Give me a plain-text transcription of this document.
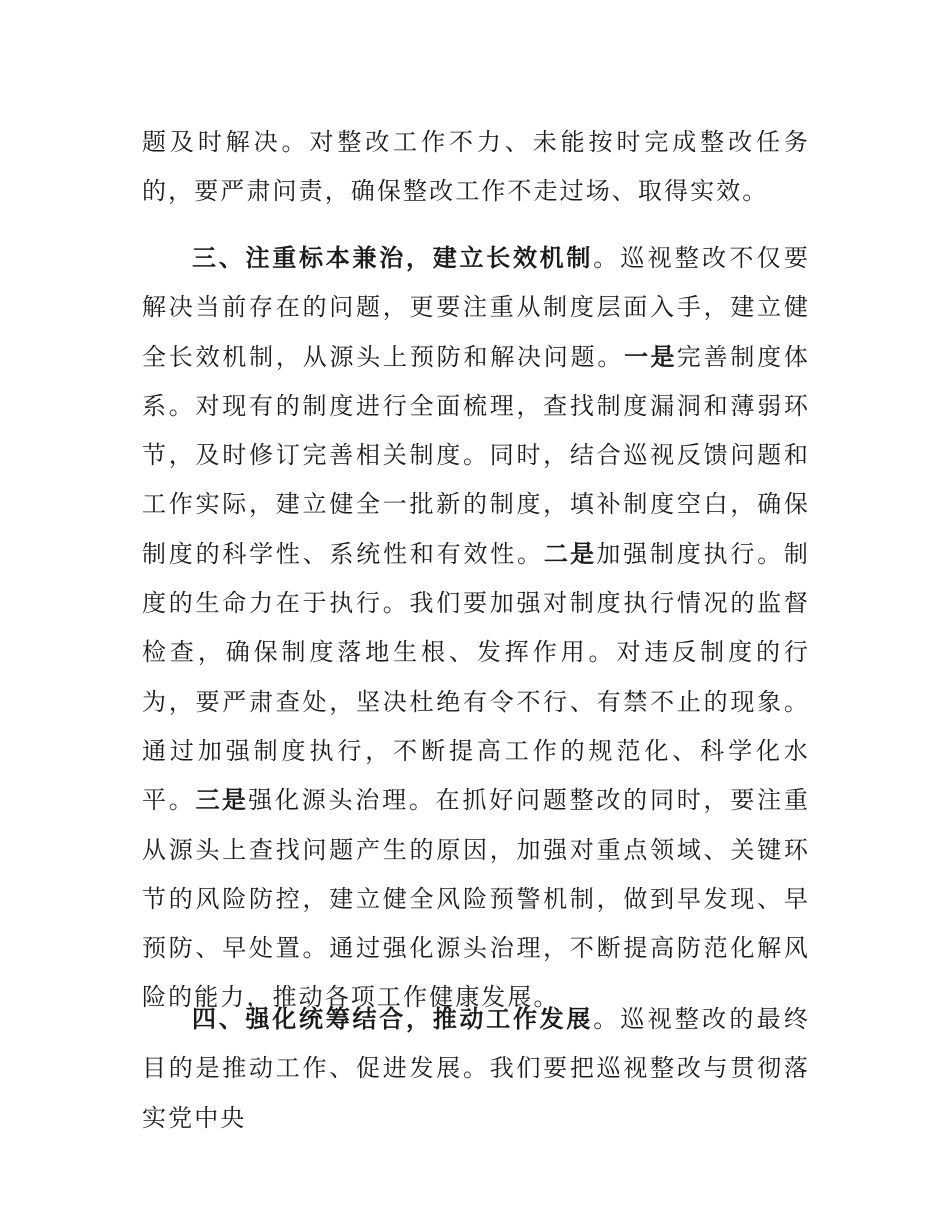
题及时解决。对整改工作不力、未能按时完成整改任务的，要严肃问责，确保整改工作不走过场、取得实效。

三、注重标本兼治，建立长效机制。巡视整改不仅要解决当前存在的问题，更要注重从制度层面入手，建立健全长效机制，从源头上预防和解决问题。一是完善制度体系。对现有的制度进行全面梳理，查找制度漏洞和薄弱环节，及时修订完善相关制度。同时，结合巡视反馈问题和工作实际，建立健全一批新的制度，填补制度空白，确保制度的科学性、系统性和有效性。二是加强制度执行。制度的生命力在于执行。我们要加强对制度执行情况的监督检查，确保制度落地生根、发挥作用。对违反制度的行为，要严肃查处，坚决杜绝有令不行、有禁不止的现象。通过加强制度执行，不断提高工作的规范化、科学化水平。三是强化源头治理。在抓好问题整改的同时，要注重从源头上查找问题产生的原因，加强对重点领域、关键环节的风险防控，建立健全风险预警机制，做到早发现、早预防、早处置。通过强化源头治理，不断提高防范化解风险的能力，推动各项工作健康发展。

四、强化统筹结合，推动工作发展。巡视整改的最终目的是推动工作、促进发展。我们要把巡视整改与贯彻落实党中央
